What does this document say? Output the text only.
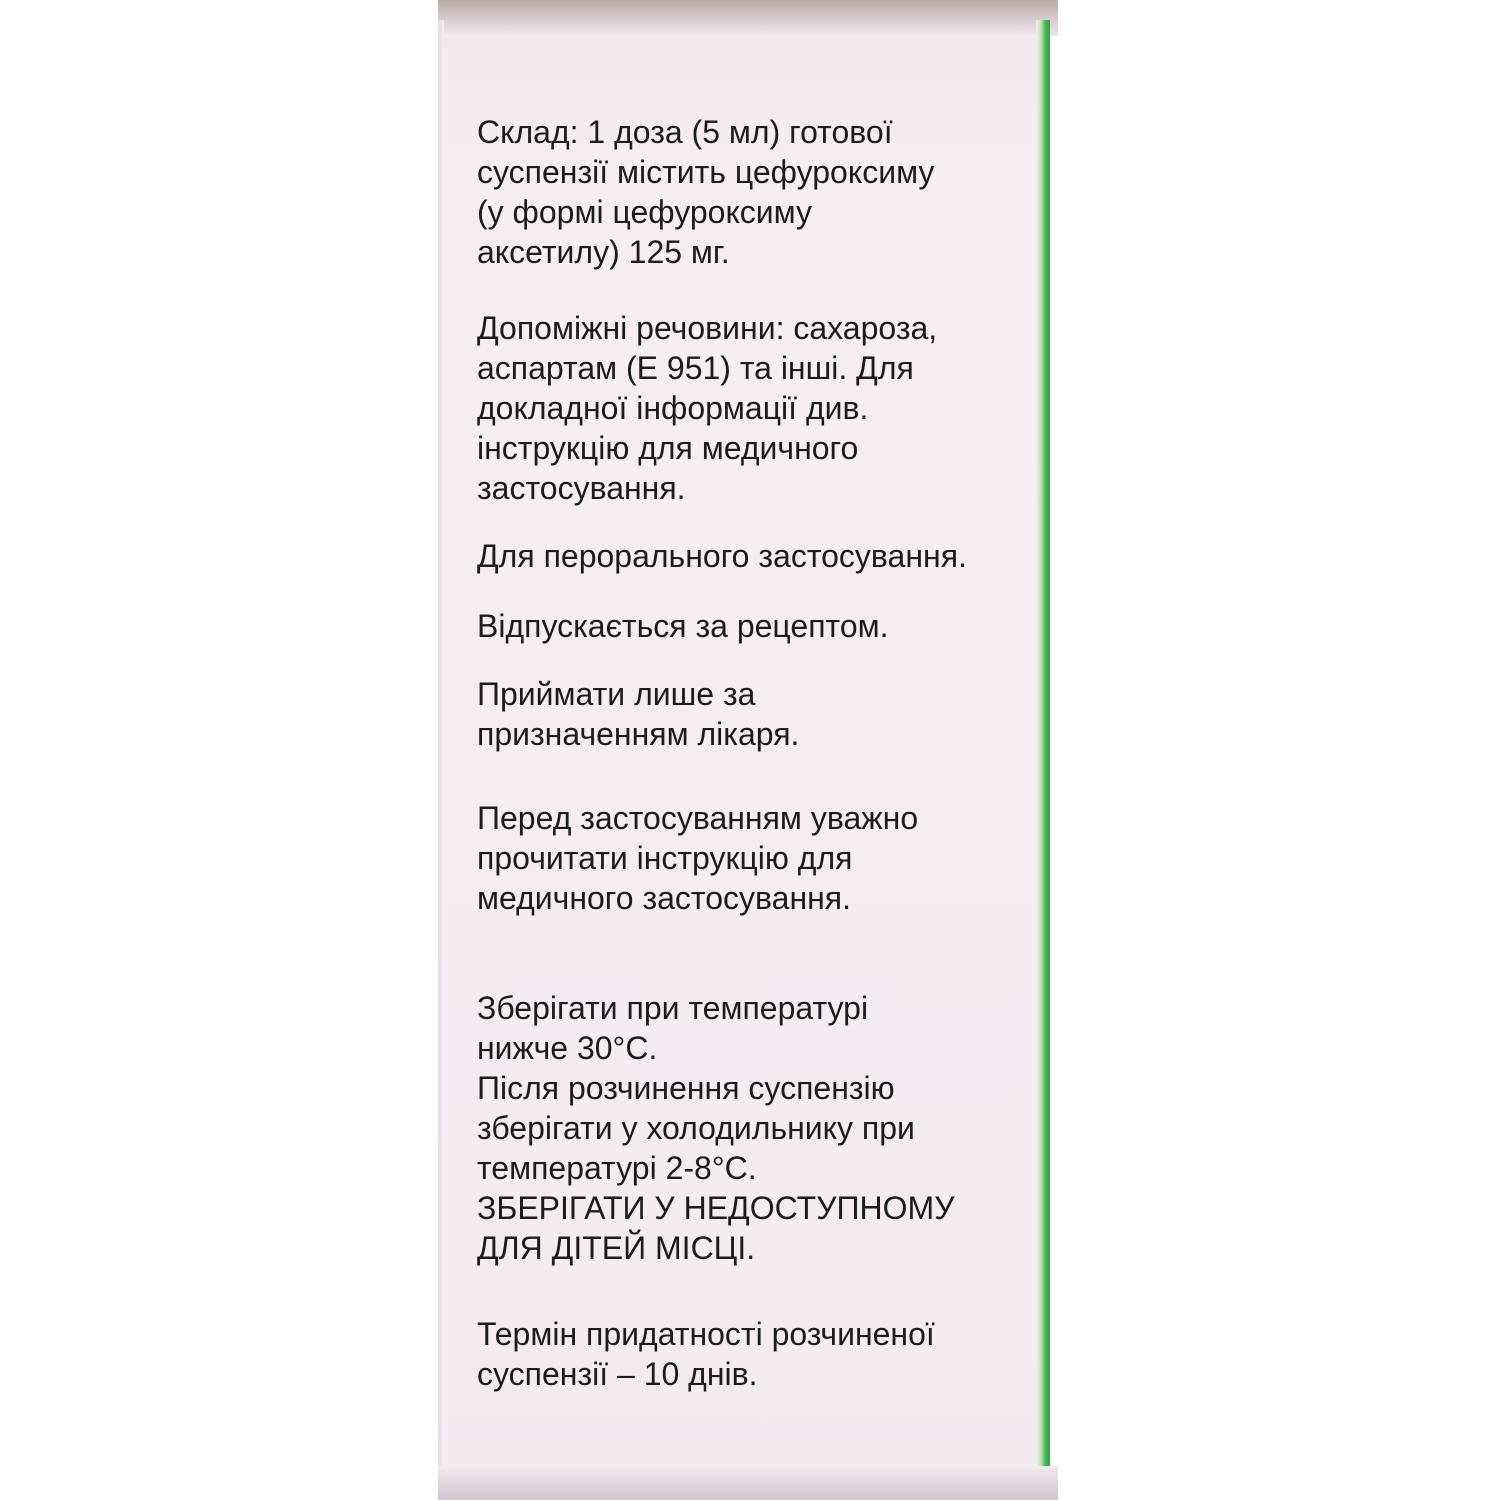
Склад: 1 доза (5 мл) готової
суспензії містить цефуроксиму
(у формі цефуроксиму
аксетилу) 125 мг.

Допоміжні речовини: сахароза,
аспартам (Е 951) та інші. Для
докладної інформації див.
інструкцію для медичного
застосування.

Для перорального застосування.

Відпускається за рецептом.

Приймати лише за
призначенням лікаря.

Перед застосуванням уважно
прочитати інструкцію для
медичного застосування.

Зберігати при температурі
нижче 30°С.
Після розчинення суспензію
зберігати у холодильнику при
температурі 2-8°С.
ЗБЕРІГАТИ У НЕДОСТУПНОМУ
ДЛЯ ДІТЕЙ МІСЦІ.

Термін придатності розчиненої
суспензії – 10 днів.
